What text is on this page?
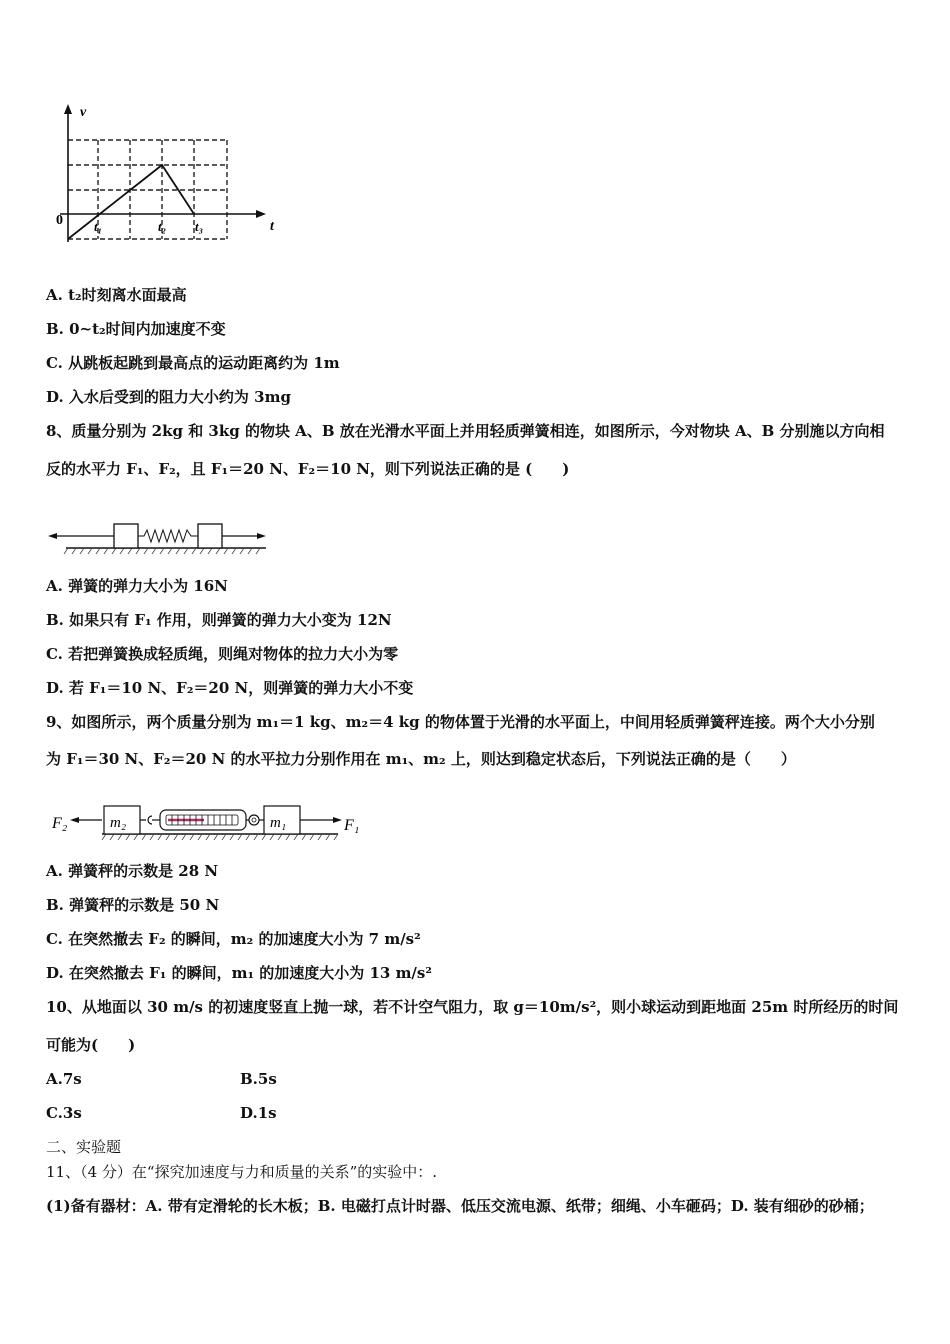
v
t
0 t₁	t₂ t₃
A. t₂时刻离水面最高
B. 0~t₂时间内加速度不变
C. 从跳板起跳到最高点的运动距离约为 1m
D. 入水后受到的阻力大小约为 3mg
8、质量分别为 2kg 和 3kg 的物块 A、B 放在光滑水平面上并用轻质弹簧相连，如图所示，今对物块 A、B 分别施以方向相
反的水平力 F₁、F₂，且 F₁＝20 N、F₂＝10 N，则下列说法正确的是 (　　)
A. 弹簧的弹力大小为 16N
B. 如果只有 F₁ 作用，则弹簧的弹力大小变为 12N
C. 若把弹簧换成轻质绳，则绳对物体的拉力大小为零
D. 若 F₁＝10 N、F₂＝20 N，则弹簧的弹力大小不变
9、如图所示，两个质量分别为 m₁＝1 kg、m₂＝4 kg 的物体置于光滑的水平面上，中间用轻质弹簧秤连接。两个大小分别
为 F₁＝30 N、F₂＝20 N 的水平拉力分别作用在 m₁、m₂ 上，则达到稳定状态后，下列说法正确的是（　　）
F₂	m₂	m₁	F₁
A. 弹簧秤的示数是 28 N
B. 弹簧秤的示数是 50 N
C. 在突然撤去 F₂ 的瞬间，m₂ 的加速度大小为 7 m/s²
D. 在突然撤去 F₁ 的瞬间，m₁ 的加速度大小为 13 m/s²
10、从地面以 30 m/s 的初速度竖直上抛一球，若不计空气阻力，取 g＝10m/s²，则小球运动到距地面 25m 时所经历的时间
可能为(　　)
A.7s	B.5s
C.3s	D.1s
二、实验题
11、（4 分）在“探究加速度与力和质量的关系”的实验中：.
(1)备有器材：A. 带有定滑轮的长木板；B. 电磁打点计时器、低压交流电源、纸带；细绳、小车砸码；D. 装有细砂的砂桶；
